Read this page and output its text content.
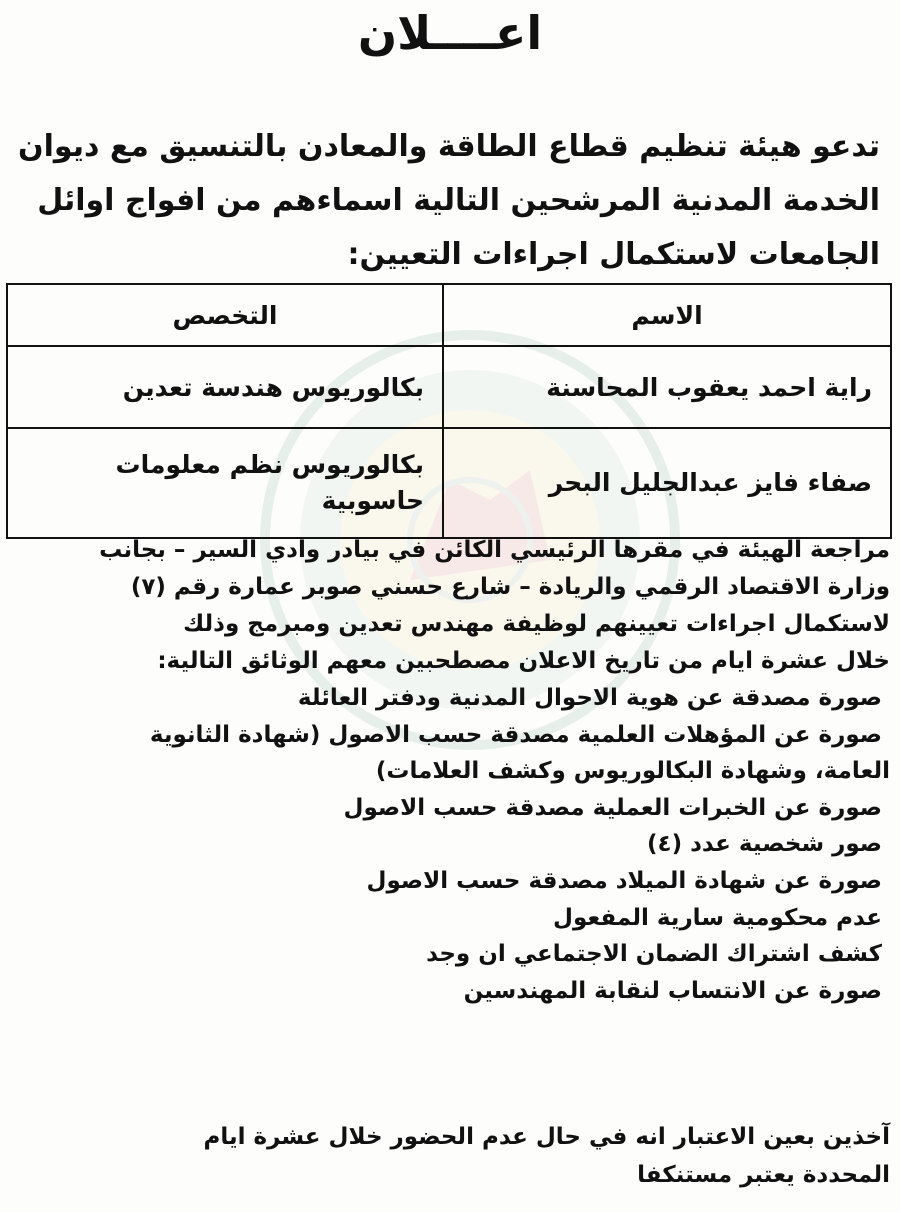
اعــــلان
تدعو هيئة تنظيم قطاع الطاقة والمعادن بالتنسيق مع ديوان
الخدمة المدنية المرشحين التالية اسماءهم من افواج اوائل
الجامعات لاستكمال اجراءات التعيين:
الاسم	التخصص
راية احمد يعقوب المحاسنة	بكالوريوس هندسة تعدين

صفاء فايز عبدالجليل البحر	بكالوريوس نظم معلومات
حاسوبية
مراجعة الهيئة في مقرها الرئيسي الكائن في بيادر وادي السير – بجانب
وزارة الاقتصاد الرقمي والريادة – شارع حسني صوبر عمارة رقم (٧)
لاستكمال اجراءات تعيينهم لوظيفة مهندس تعدين ومبرمج وذلك
خلال عشرة ايام من تاريخ الاعلان مصطحبين معهم الوثائق التالية:
صورة مصدقة عن هوية الاحوال المدنية ودفتر العائلة
صورة عن المؤهلات العلمية مصدقة حسب الاصول (شهادة الثانوية
العامة، وشهادة البكالوريوس وكشف العلامات)
صورة عن الخبرات العملية مصدقة حسب الاصول
صور شخصية عدد (٤)
صورة عن شهادة الميلاد مصدقة حسب الاصول
عدم محكومية سارية المفعول
كشف اشتراك الضمان الاجتماعي ان وجد
صورة عن الانتساب لنقابة المهندسين
آخذين بعين الاعتبار انه في حال عدم الحضور خلال عشرة ايام
المحددة يعتبر مستنكفا
